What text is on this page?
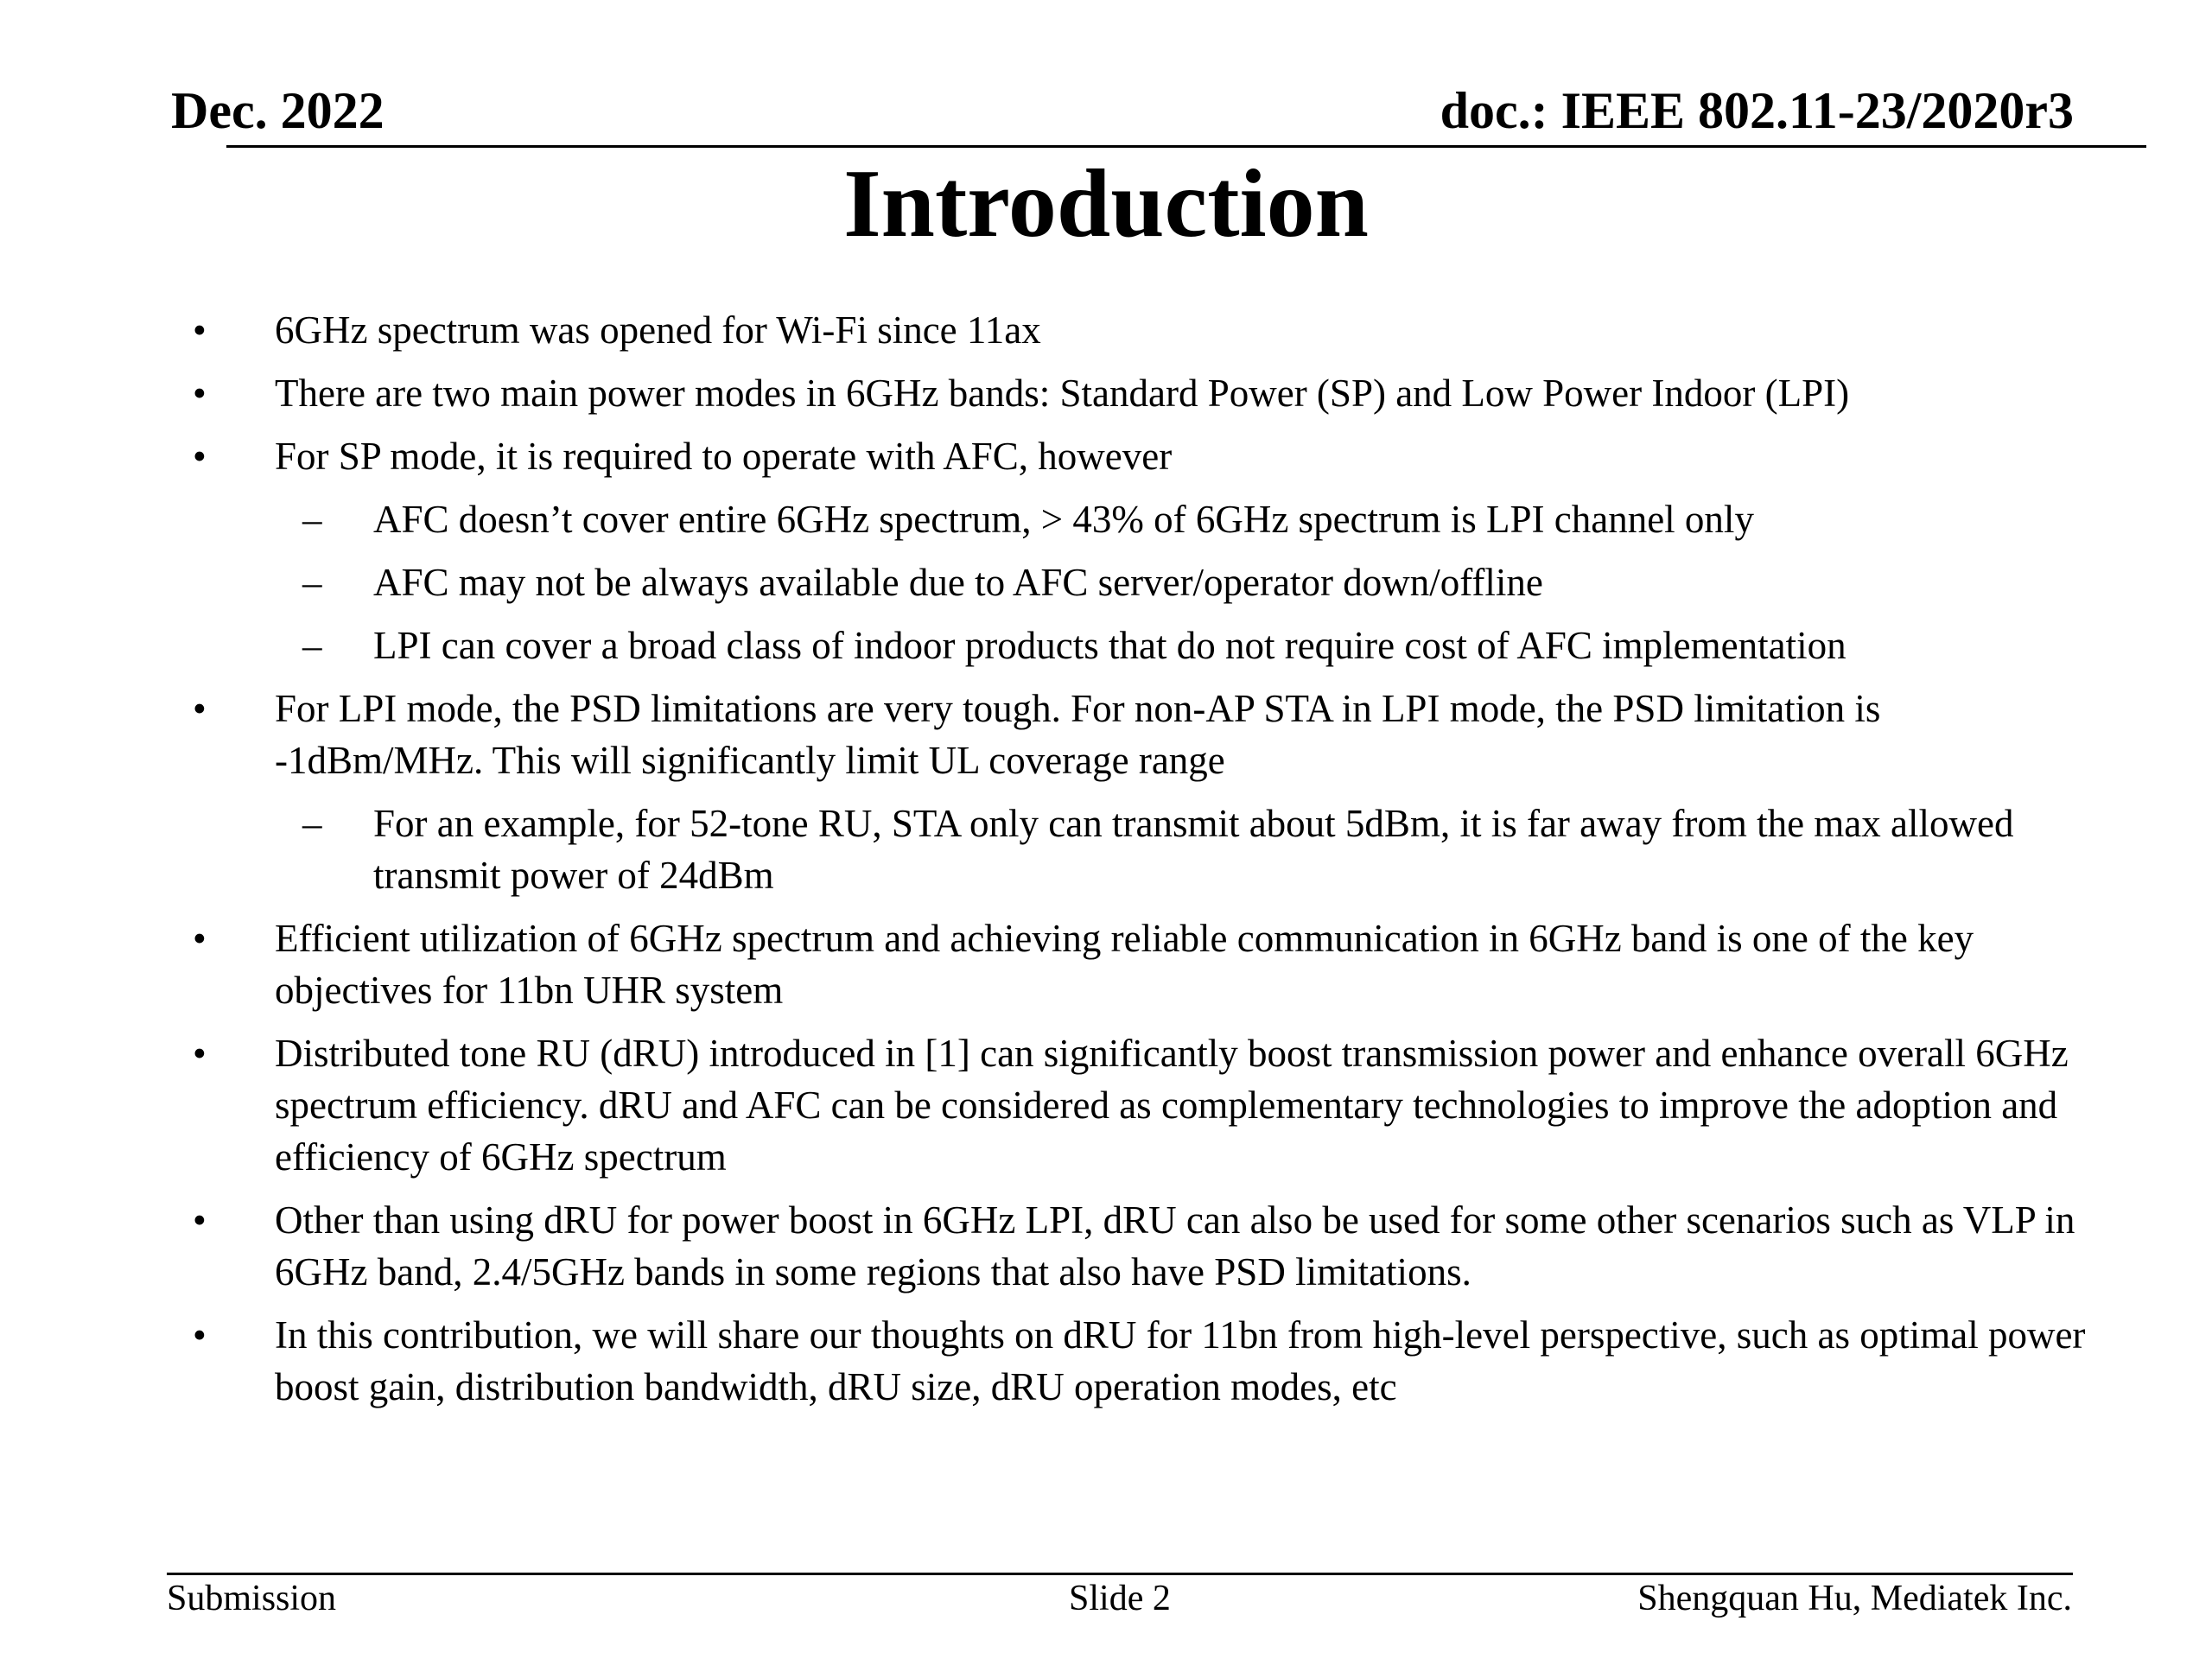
Dec. 2022	doc.: IEEE 802.11-23/2020r3
Introduction
• 6GHz spectrum was opened for Wi-Fi since 11ax
• There are two main power modes in 6GHz bands: Standard Power (SP) and Low Power Indoor (LPI)
• For SP mode, it is required to operate with AFC, however
– AFC doesn’t cover entire 6GHz spectrum, > 43% of 6GHz spectrum is LPI channel only
– AFC may not be always available due to AFC server/operator down/offline
– LPI can cover a broad class of indoor products that do not require cost of AFC implementation
• For LPI mode, the PSD limitations are very tough. For non-AP STA in LPI mode, the PSD limitation is -1dBm/MHz. This will significantly limit UL coverage range
– For an example, for 52-tone RU, STA only can transmit about 5dBm, it is far away from the max allowed transmit power of 24dBm
• Efficient utilization of 6GHz spectrum and achieving reliable communication in 6GHz band is one of the key objectives for 11bn UHR system
• Distributed tone RU (dRU) introduced in [1] can significantly boost transmission power and enhance overall 6GHz spectrum efficiency. dRU and AFC can be considered as complementary technologies to improve the adoption and efficiency of 6GHz spectrum
• Other than using dRU for power boost in 6GHz LPI, dRU can also be used for some other scenarios such as VLP in 6GHz band, 2.4/5GHz bands in some regions that also have PSD limitations.
• In this contribution, we will share our thoughts on dRU for 11bn from high-level perspective, such as optimal power boost gain, distribution bandwidth, dRU size, dRU operation modes, etc
Submission	Slide 2	Shengquan Hu, Mediatek Inc.
